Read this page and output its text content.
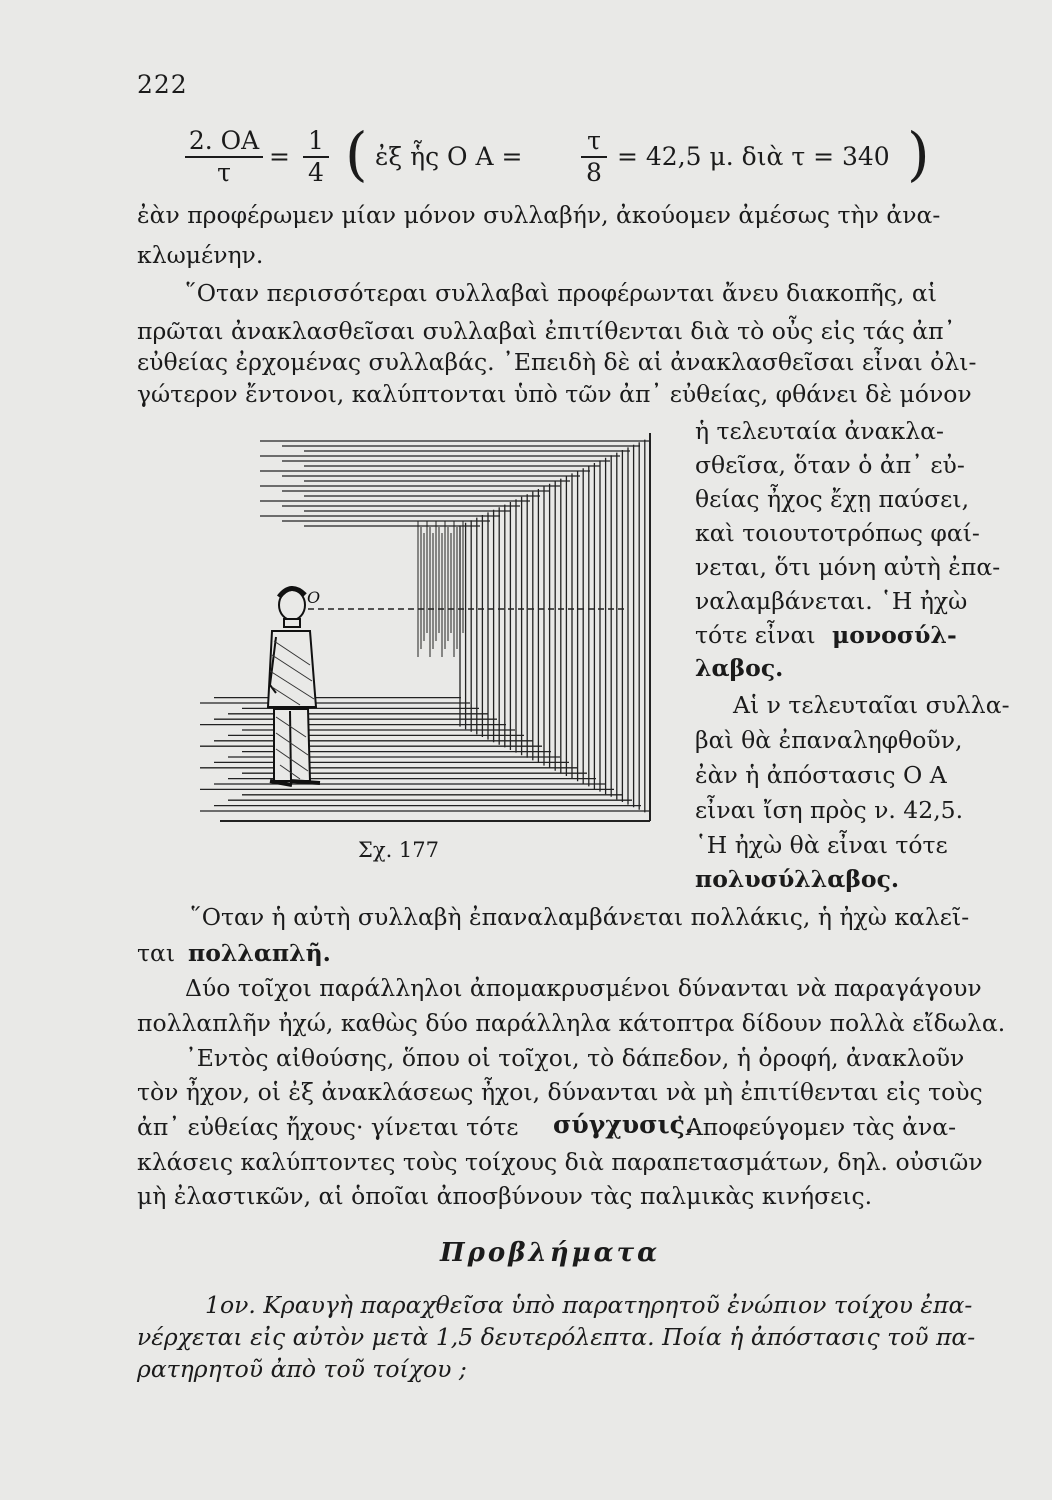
222
$\frac{2. OA}{\tau} = \frac{1}{4}$ ( ἐξ ἧς O $A = \frac{\tau}{8} = 42,5$ μ. διὰ τ = 340 )
ἐὰν προφέρωμεν μίαν μόνον συλλαβήν, ἀκούομεν ἀμέσως τὴν ἀνα-
κλωμένην.
῞Οταν περισσότεραι συλλαβαὶ προφέρωνται ἄνευ διακοπῆς, αἱ
πρῶται ἀνακλασθεῖσαι συλλαβαὶ ἐπιτίθενται διὰ τὸ οὖς εἰς τάς ἀπ᾽
εὐθείας ἐρχομένας συλλαβάς. ᾿Επειδὴ δὲ αἱ ἀνακλασθεῖσαι εἶναι ὀλι-
γώτερον ἔντονοι, καλύπτονται ὑπὸ τῶν ἀπ᾽ εὐθείας, φθάνει δὲ μόνον
ἡ τελευταία ἀνακλα-
σθεῖσα, ὅταν ὁ ἀπ᾽ εὐ-
θείας ἦχος ἔχῃ παύσει,
καὶ τοιουτοτρόπως φαί-
νεται, ὅτι μόνη αὐτὴ ἐπα-
ναλαμβάνεται. ῾Η ἠχὼ
τότε εἶναι μονοσύλ-
λαβος.
Αἱ ν τελευταῖαι συλλα-
βαὶ θὰ ἐπαναληφθοῦν,
ἐὰν ἡ ἀπόστασις Ο Α
εἶναι ἴση πρὸς ν. 42,5.
῾Η ἠχὼ θὰ εἶναι τότε
πολυσύλλαβος.
O
Σχ. 177
῞Οταν ἡ αὐτὴ συλλαβὴ ἐπαναλαμβάνεται πολλάκις, ἡ ἠχὼ καλεῖ-
ται πολλαπλῆ.
Δύο τοῖχοι παράλληλοι ἀπομακρυσμένοι δύνανται νὰ παραγάγουν
πολλαπλῆν ἠχώ, καθὼς δύο παράλληλα κάτοπτρα δίδουν πολλὰ εἴδωλα.
᾿Εντὸς αἰθούσης, ὅπου οἱ τοῖχοι, τὸ δάπεδον, ἡ ὀροφή, ἀνακλοῦν
τὸν ἦχον, οἱ ἐξ ἀνακλάσεως ἦχοι, δύνανται νὰ μὴ ἐπιτίθενται εἰς τοὺς
ἀπ᾽ εὐθείας ἤχους· γίνεται τότε σύγχυσις.
᾿Αποφεύγομεν τὰς ἀνα-
κλάσεις καλύπτοντες τοὺς τοίχους διὰ παραπετασμάτων, δηλ. οὐσιῶν
μὴ ἐλαστικῶν, αἱ ὁποῖαι ἀποσβύνουν τὰς παλμικὰς κινήσεις.
Προβλήματα
1ον. Κραυγὴ παραχθεῖσα ὑπὸ παρατηρητοῦ ἐνώπιον τοίχου ἐπα-
νέρχεται εἰς αὐτὸν μετὰ 1,5 δευτερόλεπτα. Ποία ἡ ἀπόστασις τοῦ πα-
ρατηρητοῦ ἀπὸ τοῦ τοίχου ;
